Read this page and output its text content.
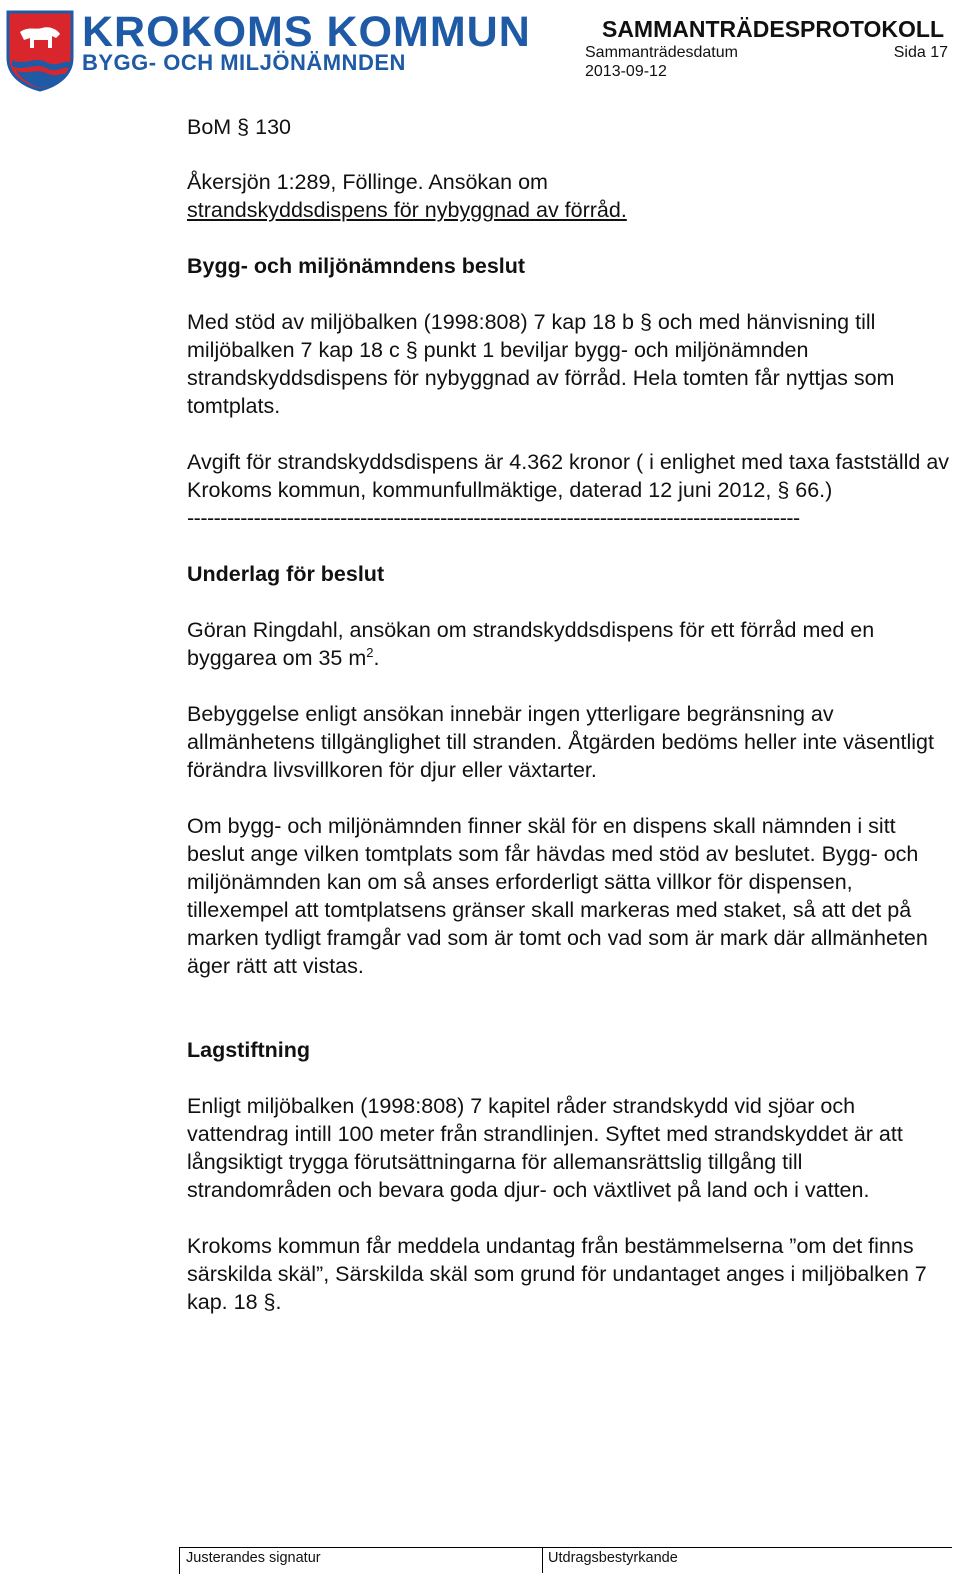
KROKOMS KOMMUN
BYGG- OCH MILJÖNÄMNDEN
SAMMANTRÄDESPROTOKOLL
Sammanträdesdatum	Sida 17
2013-09-12

BoM § 130

Åkersjön 1:289, Föllinge. Ansökan om

strandskyddsdispens för nybyggnad av förråd.

Bygg- och miljönämndens beslut

Med stöd av miljöbalken (1998:808) 7 kap 18 b § och med hänvisning till miljöbalken 7 kap 18 c § punkt 1 beviljar bygg- och miljönämnden strandskyddsdispens för nybyggnad av förråd. Hela tomten får nyttjas som tomtplats.

Avgift för strandskyddsdispens är 4.362 kronor ( i enlighet med taxa fastställd av Krokoms kommun, kommunfullmäktige, daterad 12 juni 2012, § 66.)

--------------------------------------------------------------------------------------------

Underlag för beslut

Göran Ringdahl, ansökan om strandskyddsdispens för ett förråd med en byggarea om 35 $m^2$.

Bebyggelse enligt ansökan innebär ingen ytterligare begränsning av allmänhetens tillgänglighet till stranden. Åtgärden bedöms heller inte väsentligt förändra livsvillkoren för djur eller växtarter.

Om bygg- och miljönämnden finner skäl för en dispens skall nämnden i sitt beslut ange vilken tomtplats som får hävdas med stöd av beslutet. Bygg- och miljönämnden kan om så anses erforderligt sätta villkor för dispensen, tillexempel att tomtplatsens gränser skall markeras med staket, så att det på marken tydligt framgår vad som är tomt och vad som är mark där allmänheten äger rätt att vistas.

Lagstiftning

Enligt miljöbalken (1998:808) 7 kapitel råder strandskydd vid sjöar och vattendrag intill 100 meter från strandlinjen. Syftet med strandskyddet är att långsiktigt trygga förutsättningarna för allemansrättslig tillgång till strandområden och bevara goda djur- och växtlivet på land och i vatten.

Krokoms kommun får meddela undantag från bestämmelserna ”om det finns särskilda skäl”, Särskilda skäl som grund för undantaget anges i miljöbalken 7 kap. 18 §.

Justerandes signatur	Utdragsbestyrkande
